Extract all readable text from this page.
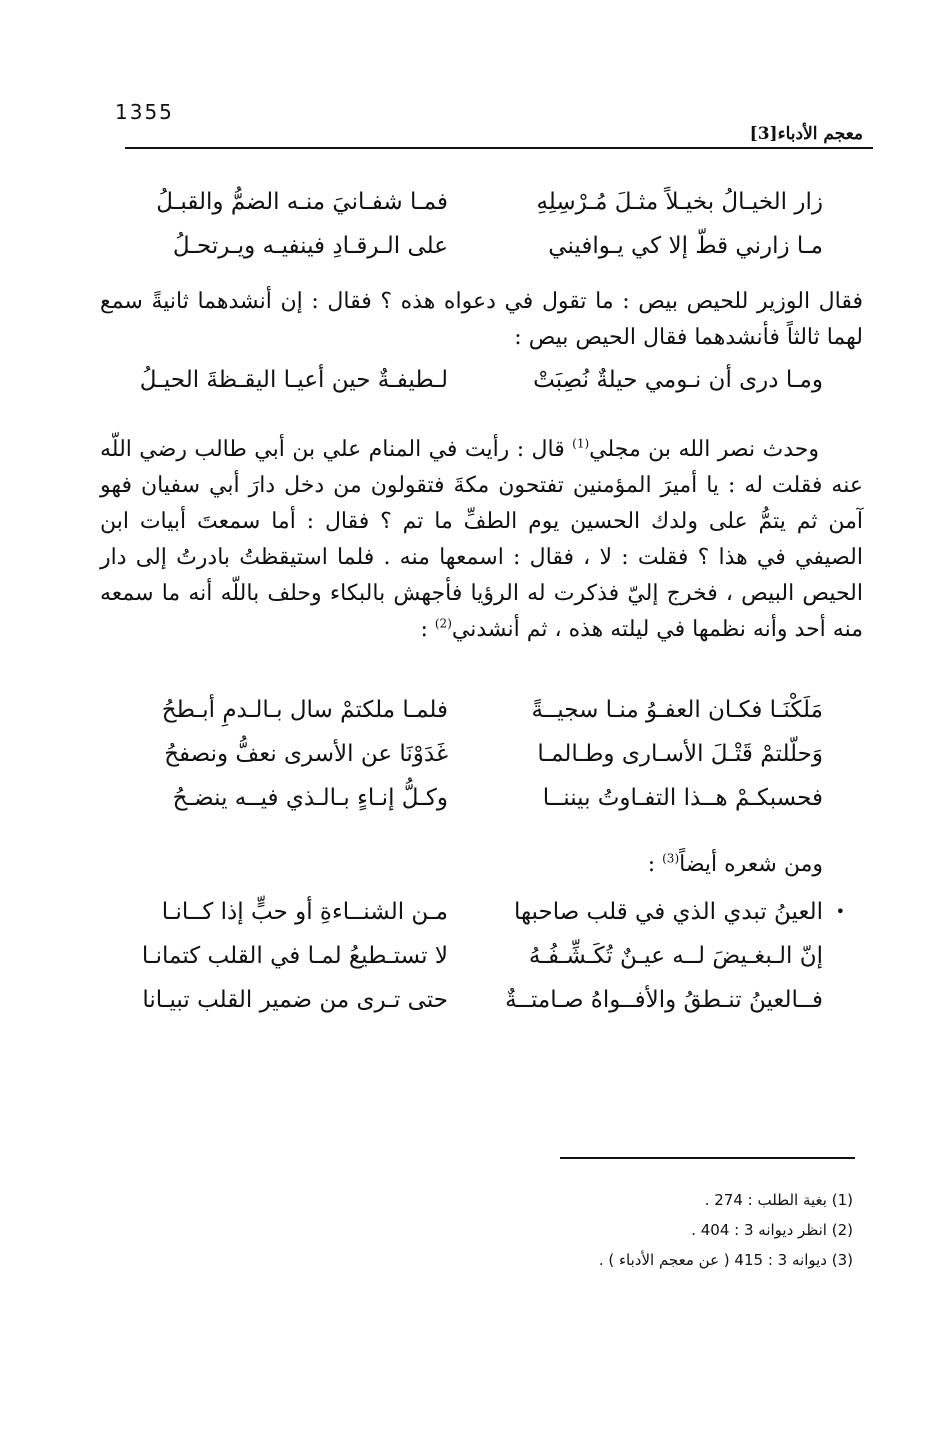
1355
معجم الأدباء[3]
زار الخيـالُ بخيـلاً مثـلَ مُـرْسِلِهِ
فمـا شفـانيَ منـه الضمُّ والقبـلُ
مـا زارني قطّ إلا كي يـوافيني
على الـرقـادِ فينفيـه ويـرتحـلُ
فقال الوزير للحيص بيص : ما تقول في دعواه هذه ؟ فقال : إن أنشدهما ثانيةً سمع لهما ثالثاً فأنشدهما فقال الحيص بيص :
ومـا درى أن نـومي حيلةٌ نُصِبَتْ
لـطيفـةٌ حين أعيـا اليقـظةَ الحيـلُ
وحدث نصر الله بن مجلي$^{(1)}$ قال : رأيت في المنام علي بن أبي طالب رضي اللّه عنه فقلت له : يا أميرَ المؤمنين تفتحون مكةَ فتقولون من دخل دارَ أبي سفيان فهو آمن ثم يتمُّ على ولدك الحسين يوم الطفِّ ما تم ؟ فقال : أما سمعتَ أبيات ابن الصيفي في هذا ؟ فقلت : لا ، فقال : اسمعها منه . فلما استيقظتُ بادرتُ إلى دار الحيص البيص ، فخرج إليّ فذكرت له الرؤيا فأجهش بالبكاء وحلف باللّه أنه ما سمعه منه أحد وأنه نظمها في ليلته هذه ، ثم أنشدني$^{(2)}$ :
مَلَكْنَـا فكـان العفـوُ منـا سجيــةً
فلمـا ملكتمْ سال بـالـدمِ أبـطحُ
وَحلّلتمْ قَتْـلَ الأسـارى وطـالمـا
غَدَوْنَا عن الأسرى نعفُّ ونصفحُ
فحسبكـمْ هــذا التفـاوتُ بيننــا
وكـلُّ إنـاءٍ بـالـذي فيــه ينضـحُ
ومن شعره أيضاً$^{(3)}$ :
•
العينُ تبدي الذي في قلب صاحبها
مـن الشنــاءةِ أو حبٍّ إذا كــانـا
إنّ الـبغـيضَ لــه عيـنٌ تُكَـشِّـفُـهُ
لا تستـطيعُ لمـا في القلب كتمانـا
فــالعينُ تنـطقُ والأفــواهُ صـامتــةٌ
حتى تـرى من ضمير القلب تبيـانا
(1) بغية الطلب : 274 .
(2) انظر ديوانه 3 : 404 .
(3) ديوانه 3 : 415 ( عن معجم الأدباء ) .
